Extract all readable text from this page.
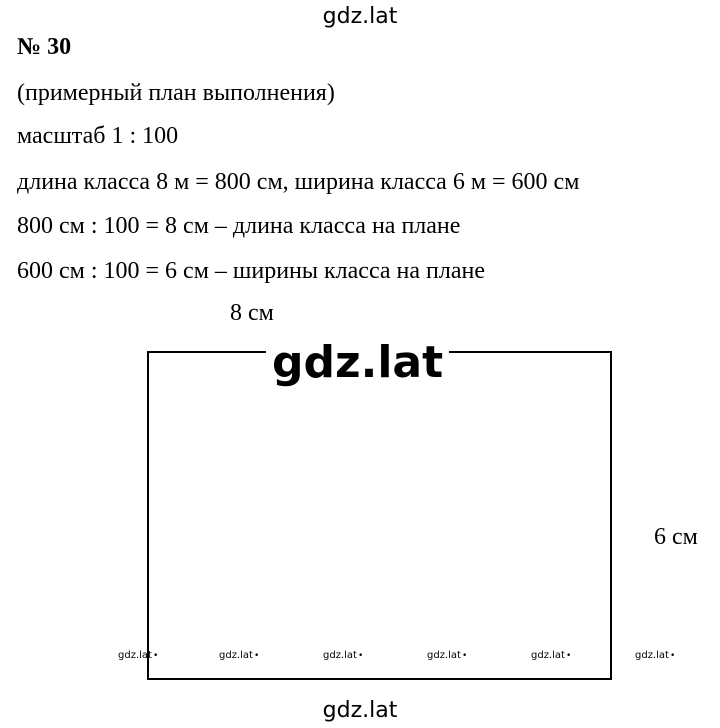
gdz.lat
№ 30
(примерный план выполнения)
масштаб 1 : 100
длина класса 8 м = 800 см, ширина класса 6 м = 600 см
800 см : 100 = 8 см – длина класса на плане
600 см : 100 = 6 см – ширины класса на плане
8 см
gdz.lat
6 см
gdz.lat•	gdz.lat•	gdz.lat•	gdz.lat•	gdz.lat•	gdz.lat•
gdz.lat
